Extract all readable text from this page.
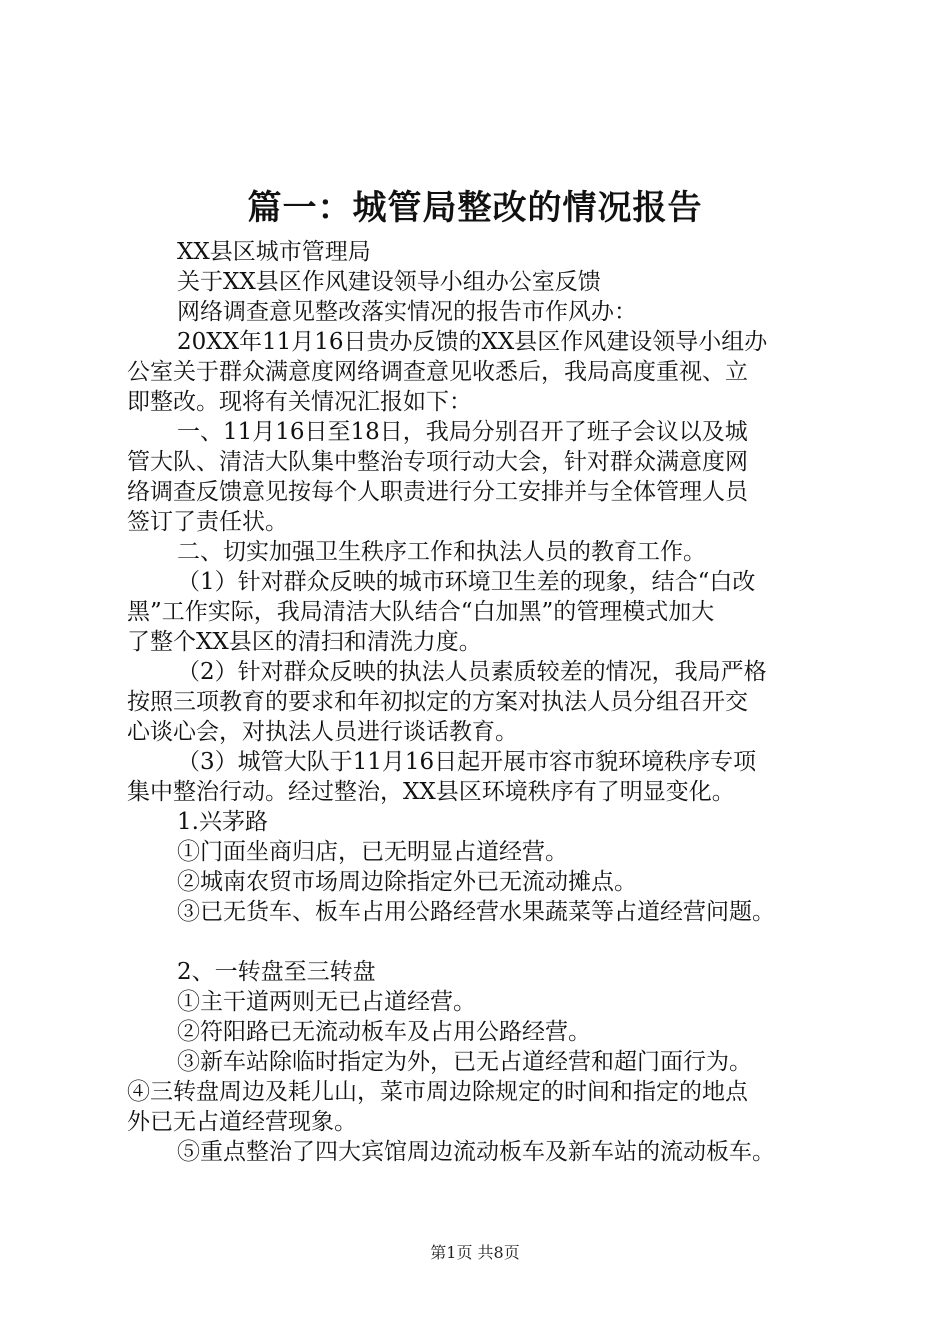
篇一：城管局整改的情况报告

XX县区城市管理局

关于XX县区作风建设领导小组办公室反馈

网络调查意见整改落实情况的报告市作风办：

20XX年11月16日贵办反馈的XX县区作风建设领导小组办

公室关于群众满意度网络调查意见收悉后，我局高度重视、立

即整改。现将有关情况汇报如下：

一、11月16日至18日，我局分别召开了班子会议以及城

管大队、清洁大队集中整治专项行动大会，针对群众满意度网

络调查反馈意见按每个人职责进行分工安排并与全体管理人员

签订了责任状。

二、切实加强卫生秩序工作和执法人员的教育工作。

（1）针对群众反映的城市环境卫生差的现象，结合“白改

黑”工作实际，我局清洁大队结合“白加黑”的管理模式加大

了整个XX县区的清扫和清洗力度。

（2）针对群众反映的执法人员素质较差的情况，我局严格

按照三项教育的要求和年初拟定的方案对执法人员分组召开交

心谈心会，对执法人员进行谈话教育。

（3）城管大队于11月16日起开展市容市貌环境秩序专项

集中整治行动。经过整治，XX县区环境秩序有了明显变化。

1.兴茅路

①门面坐商归店，已无明显占道经营。

②城南农贸市场周边除指定外已无流动摊点。

③已无货车、板车占用公路经营水果蔬菜等占道经营问题。

2、一转盘至三转盘

①主干道两则无已占道经营。

②符阳路已无流动板车及占用公路经营。

③新车站除临时指定为外，已无占道经营和超门面行为。

④三转盘周边及耗儿山，菜市周边除规定的时间和指定的地点

外已无占道经营现象。

⑤重点整治了四大宾馆周边流动板车及新车站的流动板车。

第1页 共8页
